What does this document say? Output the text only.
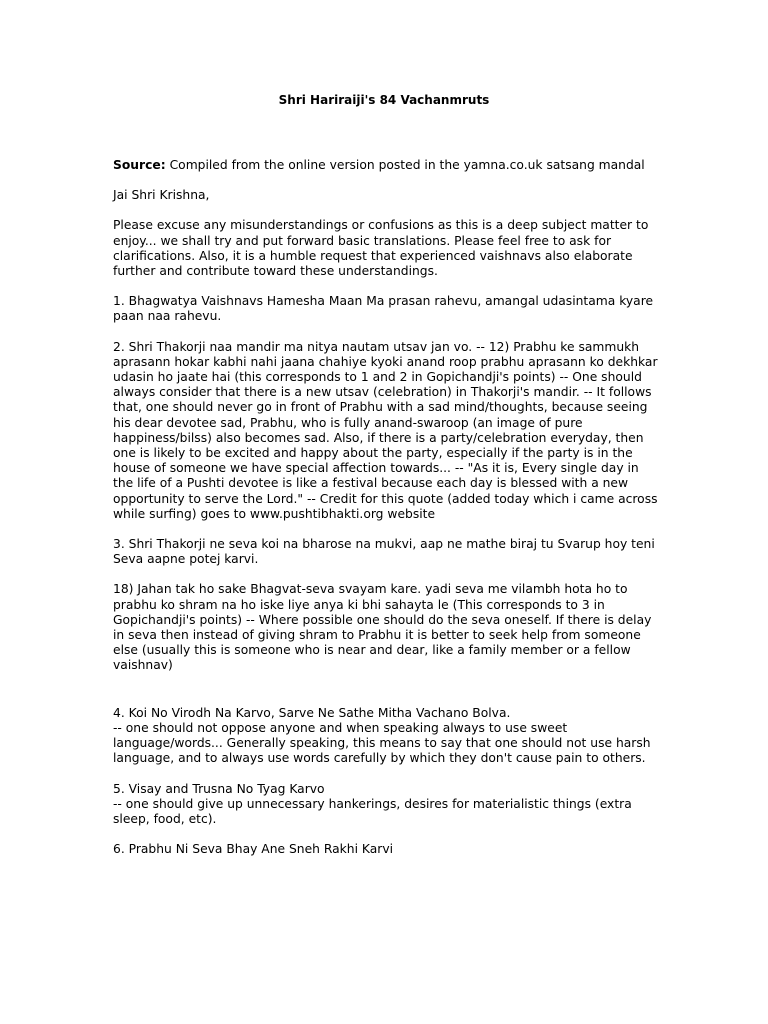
Shri Hariraiji's 84 Vachanmruts

Source: Compiled from the online version posted in the yamna.co.uk satsang mandal

Jai Shri Krishna,

Please excuse any misunderstandings or confusions as this is a deep subject matter to enjoy... we shall try and put forward basic translations. Please feel free to ask for clarifications. Also, it is a humble request that experienced vaishnavs also elaborate further and contribute toward these understandings.

1. Bhagwatya Vaishnavs Hamesha Maan Ma prasan rahevu, amangal udasintama kyare paan naa rahevu.

2. Shri Thakorji naa mandir ma nitya nautam utsav jan vo. -- 12) Prabhu ke sammukh aprasann hokar kabhi nahi jaana chahiye kyoki anand roop prabhu aprasann ko dekhkar udasin ho jaate hai (this corresponds to 1 and 2 in Gopichandji's points) -- One should always consider that there is a new utsav (celebration) in Thakorji's mandir. -- It follows that, one should never go in front of Prabhu with a sad mind/thoughts, because seeing his dear devotee sad, Prabhu, who is fully anand-swaroop (an image of pure happiness/bilss) also becomes sad. Also, if there is a party/celebration everyday, then one is likely to be excited and happy about the party, especially if the party is in the house of someone we have special affection towards... -- "As it is, Every single day in the life of a Pushti devotee is like a festival because each day is blessed with a new opportunity to serve the Lord." -- Credit for this quote (added today which i came across while surfing) goes to www.pushtibhakti.org website

3. Shri Thakorji ne seva koi na bharose na mukvi, aap ne mathe biraj tu Svarup hoy teni Seva aapne potej karvi.

18) Jahan tak ho sake Bhagvat-seva svayam kare. yadi seva me vilambh hota ho to prabhu ko shram na ho iske liye anya ki bhi sahayta le (This corresponds to 3 in Gopichandji's points) -- Where possible one should do the seva oneself. If there is delay in seva then instead of giving shram to Prabhu it is better to seek help from someone else (usually this is someone who is near and dear, like a family member or a fellow vaishnav)

4. Koi No Virodh Na Karvo, Sarve Ne Sathe Mitha Vachano Bolva.
-- one should not oppose anyone and when speaking always to use sweet language/words... Generally speaking, this means to say that one should not use harsh language, and to always use words carefully by which they don't cause pain to others.

5. Visay and Trusna No Tyag Karvo
-- one should give up unnecessary hankerings, desires for materialistic things (extra sleep, food, etc).

6. Prabhu Ni Seva Bhay Ane Sneh Rakhi Karvi
